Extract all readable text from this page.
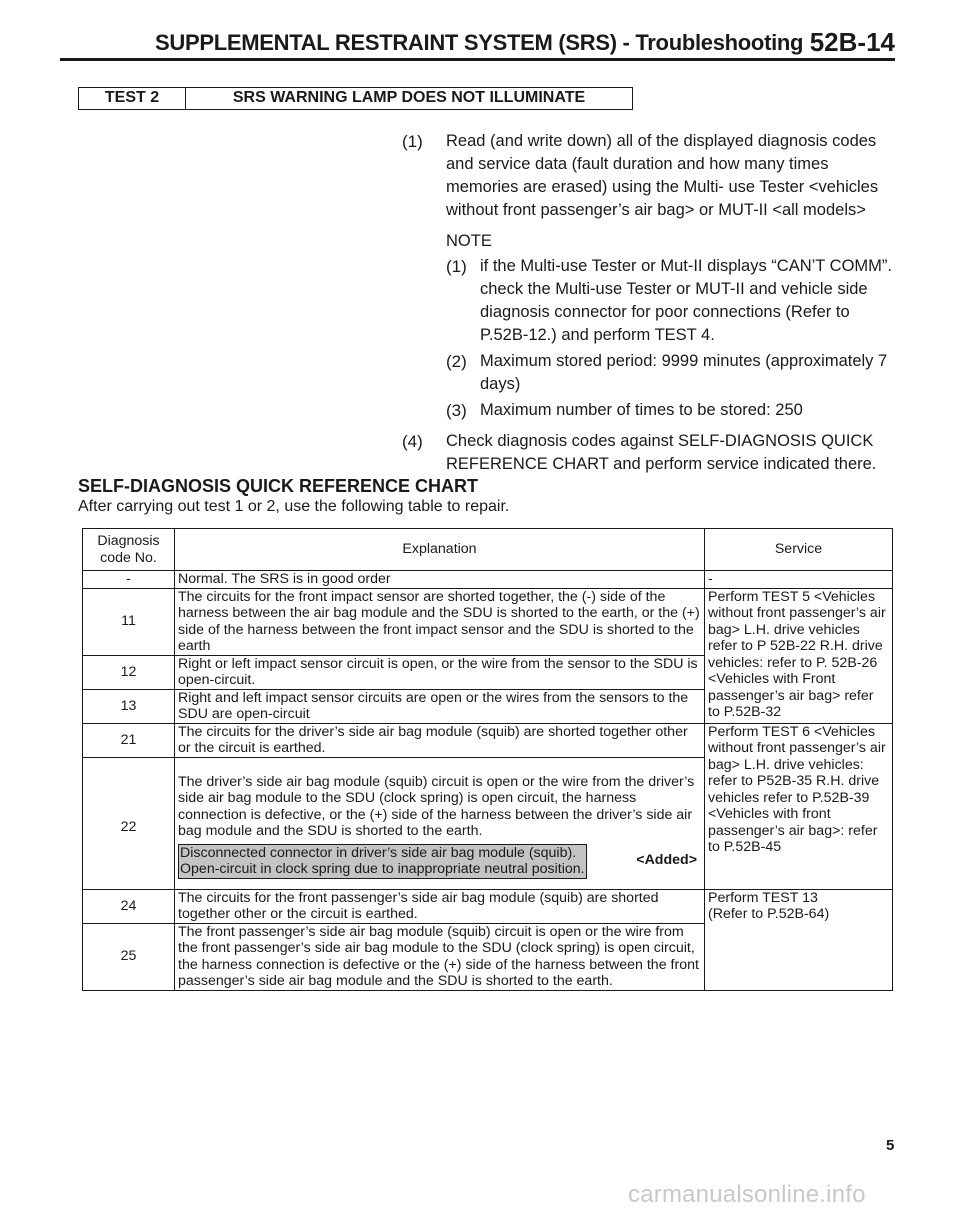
SUPPLEMENTAL RESTRAINT SYSTEM (SRS) - Troubleshooting 52B-14
TEST 2	SRS WARNING LAMP DOES NOT ILLUMINATE
(1)	Read (and write down) all of the displayed diagnosis codes and service data (fault duration and how many times memories are erased) using the Multi- use Tester <vehicles without front passenger’s air bag> or MUT-II <all models>
NOTE
(1) if the Multi-use Tester or Mut-II displays “CAN’T COMM”. check the Multi-use Tester or MUT-II and vehicle side diagnosis connector for poor connections (Refer to P.52B-12.) and perform TEST 4.
(2) Maximum stored period: 9999 minutes (approximately 7 days)
(3) Maximum number of times to be stored: 250
(4)	Check diagnosis codes against SELF-DIAGNOSIS QUICK REFERENCE CHART and perform service indicated there.
SELF-DIAGNOSIS QUICK REFERENCE CHART
After carrying out test 1 or 2, use the following table to repair.
Diagnosis code No.	Explanation	Service
-	Normal. The SRS is in good order	-
11	The circuits for the front impact sensor are shorted together, the (-) side of the harness between the air bag module and the SDU is shorted to the earth, or the (+) side of the harness between the front impact sensor and the SDU is shorted to the earth	Perform TEST 5 <Vehicles without front passenger’s air bag> L.H. drive vehicles refer to P 52B-22 R.H. drive vehicles: refer to P. 52B-26 <Vehicles with Front passenger’s air bag> refer to P.52B-32
12	Right or left impact sensor circuit is open, or the wire from the sensor to the SDU is open-circuit.	
13	Right and left impact sensor circuits are open or the wires from the sensors to the SDU are open-circuit	
21	The circuits for the driver’s side air bag module (squib) are shorted together other or the circuit is earthed.	Perform TEST 6 <Vehicles without front passenger’s air bag> L.H. drive vehicles: refer to P52B-35 R.H. drive vehicles refer to P.52B-39 <Vehicles with front passenger’s air bag>: refer to P.52B-45
22	The driver’s side air bag module (squib) circuit is open or the wire from the driver’s side air bag module to the SDU (clock spring) is open circuit, the harness connection is defective, or the (+) side of the harness between the driver’s side air bag module and the SDU is shorted to the earth.
Disconnected connector in driver’s side air bag module (squib).
Open-circuit in clock spring due to inappropriate neutral position.
<Added>	

24	The circuits for the front passenger’s side air bag module (squib) are shorted together other or the circuit is earthed.	Perform TEST 13
(Refer to P.52B-64)

25	The front passenger’s side air bag module (squib) circuit is open or the wire from the front passenger’s side air bag module to the SDU (clock spring) is open circuit, the harness connection is defective or the (+) side of the harness between the front passenger’s side air bag module and the SDU is shorted to the earth.	
5
carmanualsonline.info
